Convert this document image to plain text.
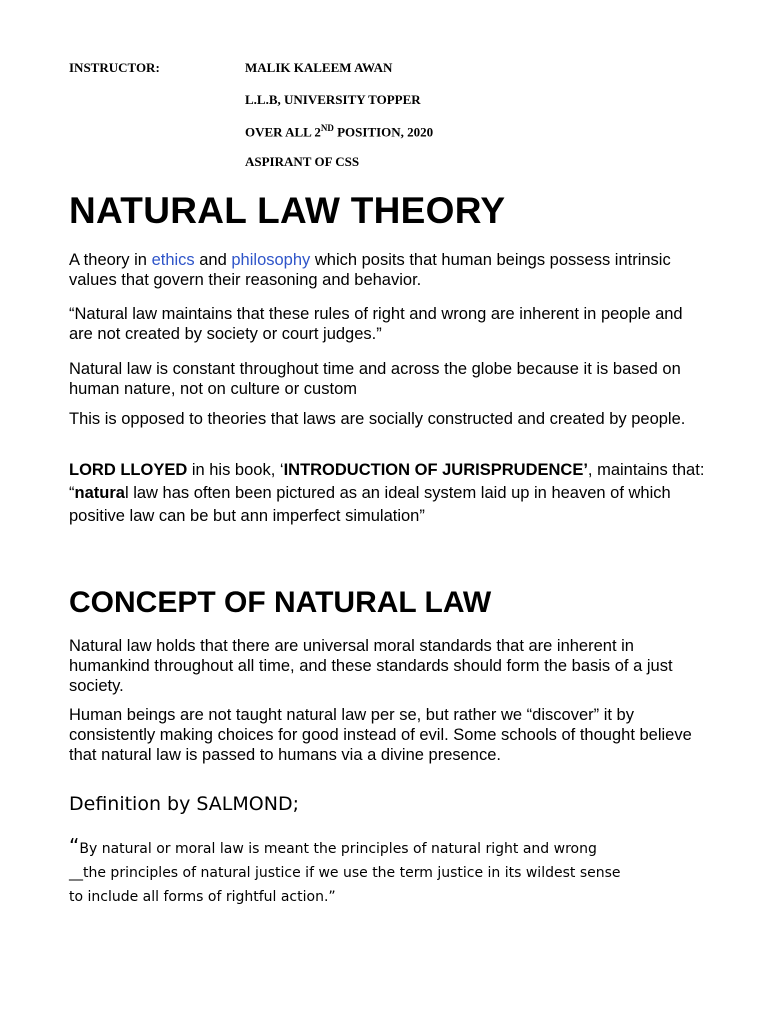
INSTRUCTOR:	MALIK KALEEM AWAN
L.L.B, UNIVERSITY TOPPER
OVER ALL 2ND POSITION, 2020
ASPIRANT OF CSS
NATURAL LAW THEORY

A theory in ethics and philosophy which posits that human beings possess intrinsic values that govern their reasoning and behavior.

“Natural law maintains that these rules of right and wrong are inherent in people and are not created by society or court judges.”

Natural law is constant throughout time and across the globe because it is based on human nature, not on culture or custom

This is opposed to theories that laws are socially constructed and created by people.

LORD LLOYED in his book, ‘INTRODUCTION OF JURISPRUDENCE’, maintains that: “natural law has often been pictured as an ideal system laid up in heaven of which positive law can be but ann imperfect simulation”

CONCEPT OF NATURAL LAW

Natural law holds that there are universal moral standards that are inherent in humankind throughout all time, and these standards should form the basis of a just society.

Human beings are not taught natural law per se, but rather we “discover” it by consistently making choices for good instead of evil. Some schools of thought believe that natural law is passed to humans via a divine presence.

Definition by SALMOND;
“By natural or moral law is meant the principles of natural right and wrong
__the principles of natural justice if we use the term justice in its wildest sense
to include all forms of rightful action.”
